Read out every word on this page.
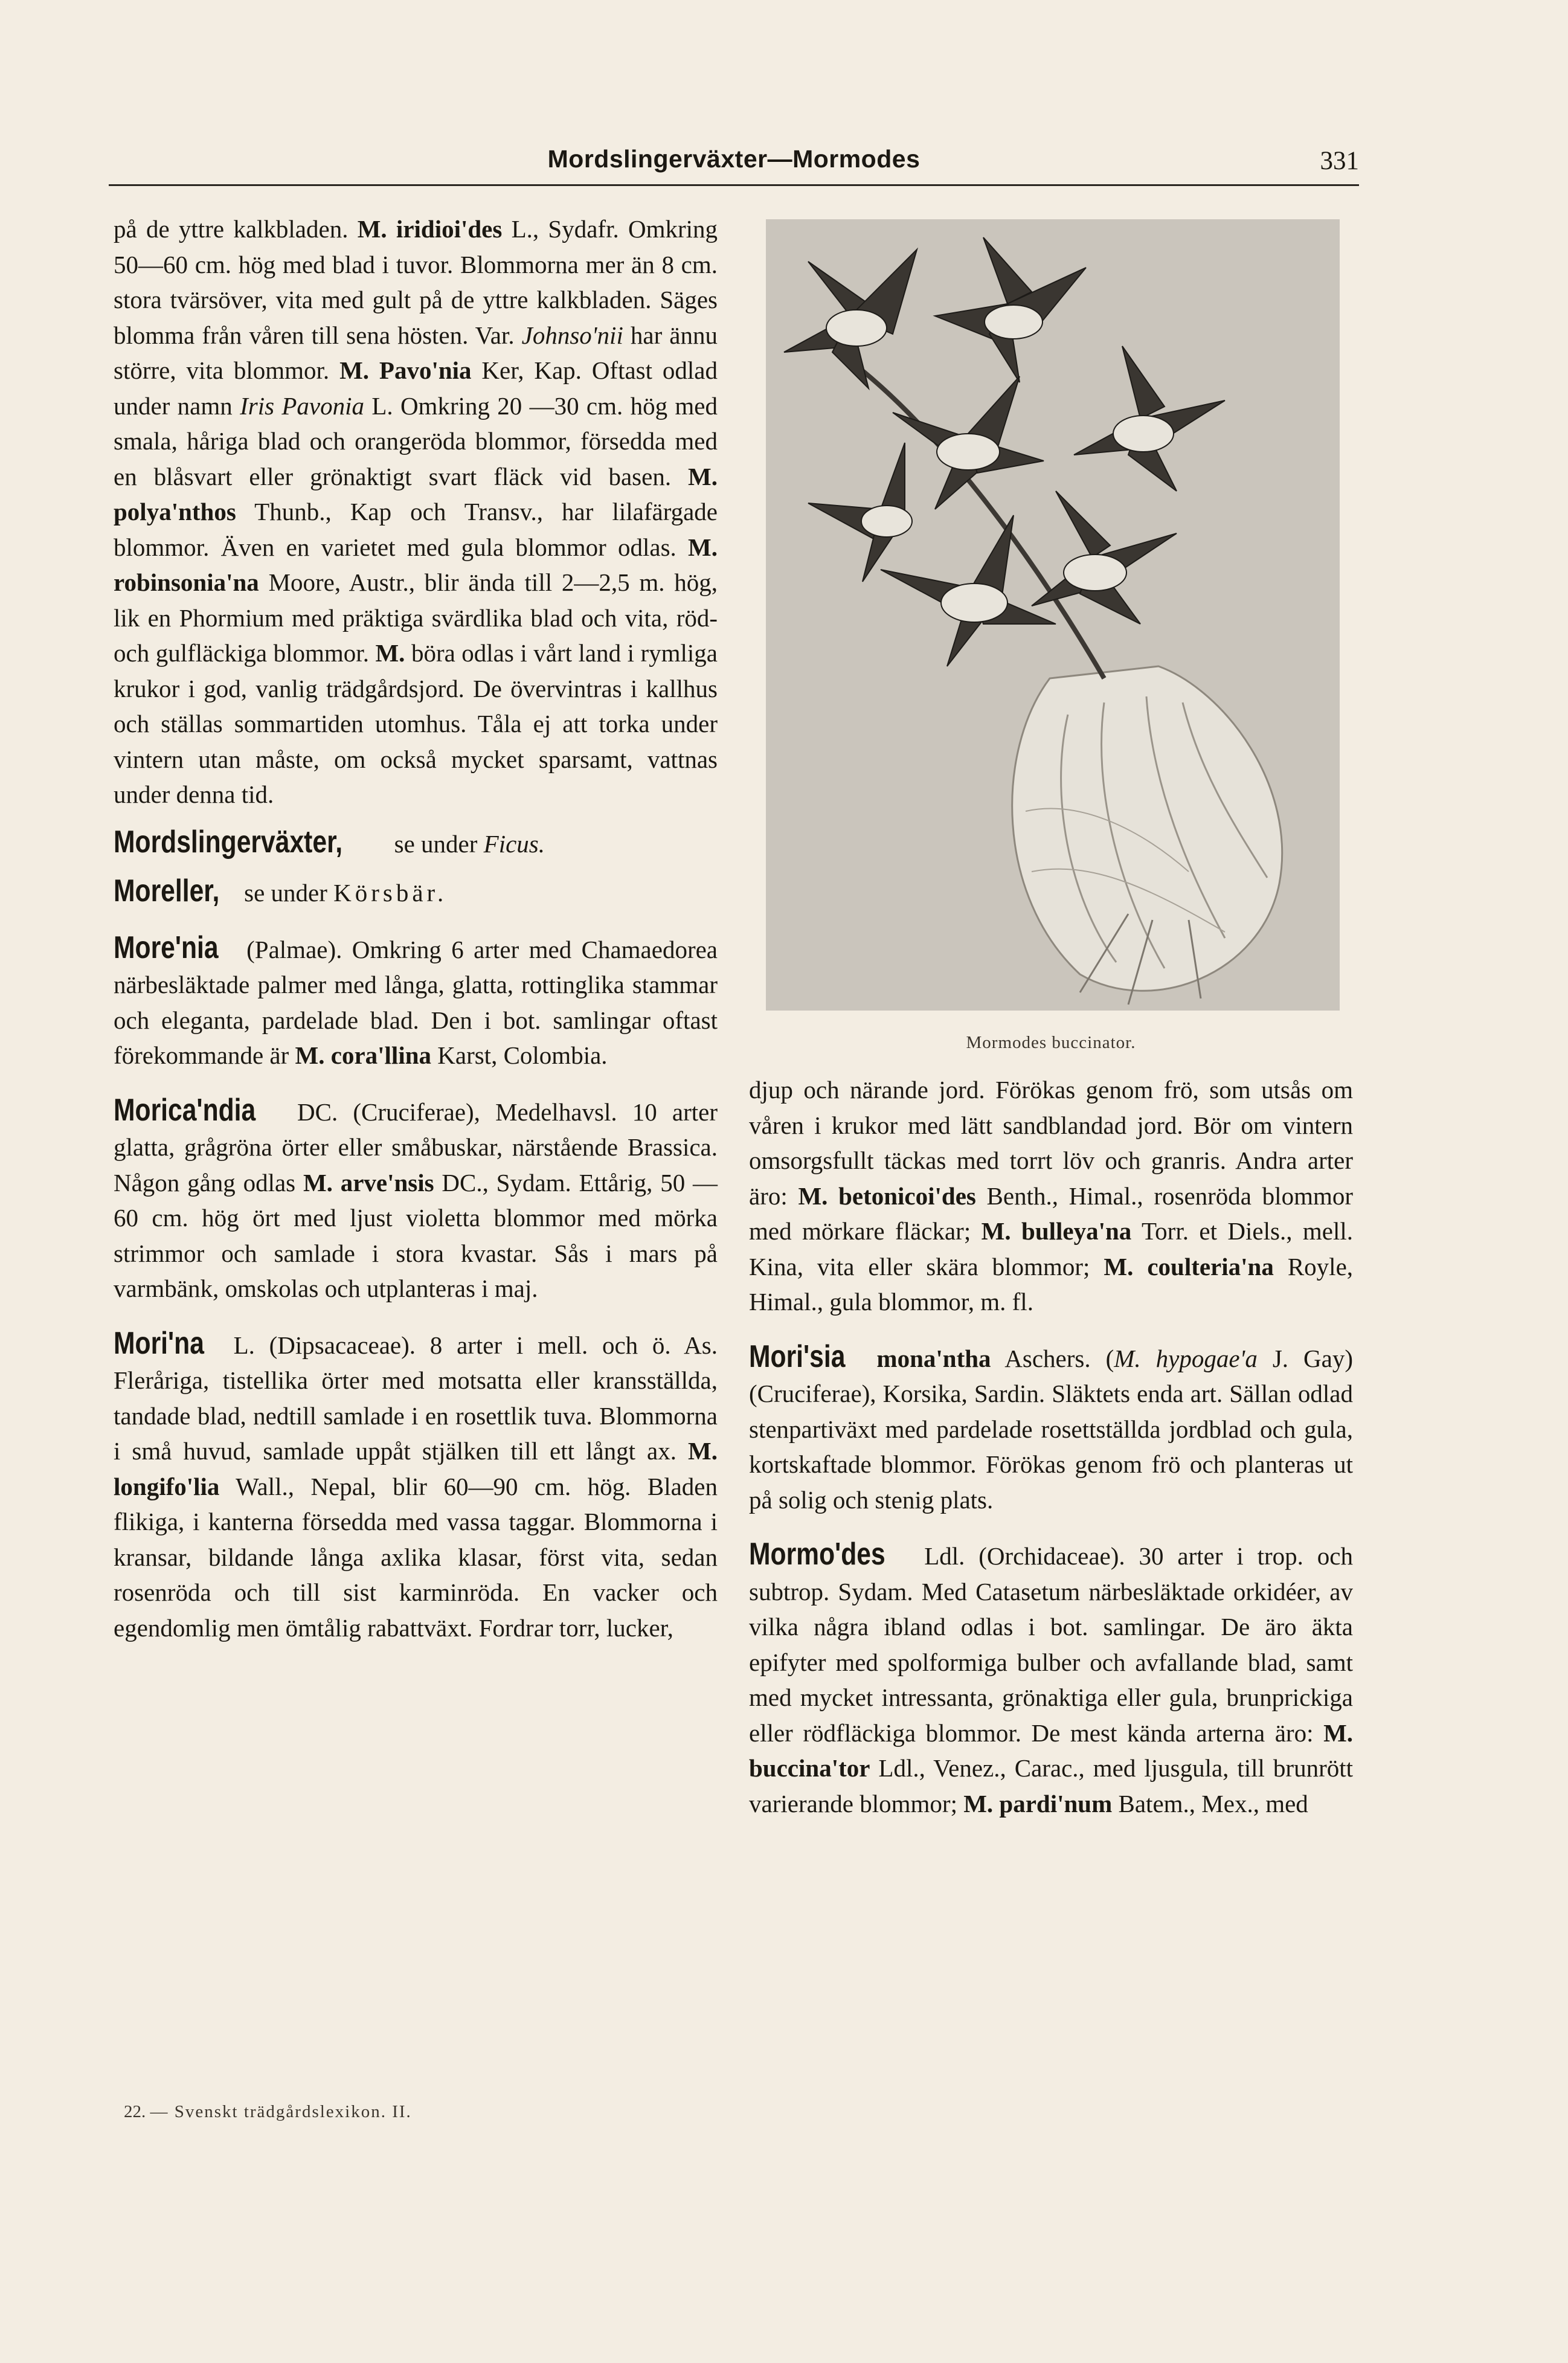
Mordslingerväxter—Mormodes	331

på de yttre kalkbladen. M. iridioi'des L., Sydafr. Omkring 50—60 cm. hög med blad i tuvor. Blommorna mer än 8 cm. stora tvärsöver, vita med gult på de yttre kalkbladen. Säges blomma från våren till sena hösten. Var. Johnso'nii har ännu större, vita blommor. M. Pavo'nia Ker, Kap. Oftast odlad under namn Iris Pavonia L. Omkring 20 —30 cm. hög med smala, håriga blad och orangeröda blommor, försedda med en blåsvart eller grönaktigt svart fläck vid basen. M. polya'nthos Thunb., Kap och Transv., har lilafärgade blommor. Även en varietet med gula blommor odlas. M. robinsonia'na Moore, Austr., blir ända till 2—2,5 m. hög, lik en Phormium med präktiga svärdlika blad och vita, röd- och gulfläckiga blommor. M. böra odlas i vårt land i rymliga krukor i god, vanlig trädgårdsjord. De övervintras i kallhus och ställas sommartiden utomhus. Tåla ej att torka under vintern utan måste, om också mycket sparsamt, vattnas under denna tid.

Mordslingerväxter, se under Ficus.

Moreller, se under Körsbär.

More'nia (Palmae). Omkring 6 arter med Chamaedorea närbesläktade palmer med långa, glatta, rottinglika stammar och eleganta, pardelade blad. Den i bot. samlingar oftast förekommande är M. cora'llina Karst, Colombia.

Morica'ndia DC. (Cruciferae), Medelhavsl. 10 arter glatta, grågröna örter eller småbuskar, närstående Brassica. Någon gång odlas M. arve'nsis DC., Sydam. Ettårig, 50 —60 cm. hög ört med ljust violetta blommor med mörka strimmor och samlade i stora kvastar. Sås i mars på varmbänk, omskolas och utplanteras i maj.

Mori'na L. (Dipsacaceae). 8 arter i mell. och ö. As. Fleråriga, tistellika örter med motsatta eller kransställda, tandade blad, nedtill samlade i en rosettlik tuva. Blommorna i små huvud, samlade uppåt stjälken till ett långt ax. M. longifo'lia Wall., Nepal, blir 60—90 cm. hög. Bladen flikiga, i kanterna försedda med vassa taggar. Blommorna i kransar, bildande långa axlika klasar, först vita, sedan rosenröda och till sist karminröda. En vacker och egendomlig men ömtålig rabattväxt. Fordrar torr, lucker,

Mormodes buccinator.

djup och närande jord. Förökas genom frö, som utsås om våren i krukor med lätt sandblandad jord. Bör om vintern omsorgsfullt täckas med torrt löv och granris. Andra arter äro: M. betonicoi'des Benth., Himal., rosenröda blommor med mörkare fläckar; M. bulleya'na Torr. et Diels., mell. Kina, vita eller skära blommor; M. coulteria'na Royle, Himal., gula blommor, m. fl.

Mori'sia mona'ntha Aschers. (M. hypogae'a J. Gay) (Cruciferae), Korsika, Sardin. Släktets enda art. Sällan odlad stenpartiväxt med pardelade rosettställda jordblad och gula, kortskaftade blommor. Förökas genom frö och planteras ut på solig och stenig plats.

Mormo'des Ldl. (Orchidaceae). 30 arter i trop. och subtrop. Sydam. Med Catasetum närbesläktade orkidéer, av vilka några ibland odlas i bot. samlingar. De äro äkta epifyter med spolformiga bulber och avfallande blad, samt med mycket intressanta, grönaktiga eller gula, brunprickiga eller rödfläckiga blommor. De mest kända arterna äro: M. buccina'tor Ldl., Venez., Carac., med ljusgula, till brunrött varierande blommor; M. pardi'num Batem., Mex., med

22. — Svenskt trädgårdslexikon. II.
